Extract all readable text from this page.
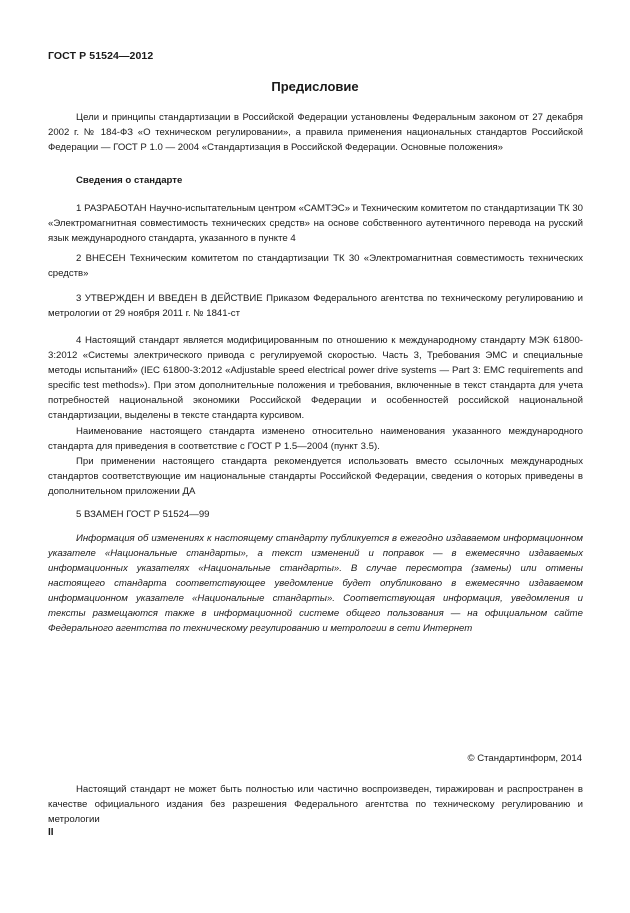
ГОСТ Р 51524—2012
Предисловие
Цели и принципы стандартизации в Российской Федерации установлены Федеральным законом от 27 декабря 2002 г. № 184-ФЗ «О техническом регулировании», а правила применения национальных стандартов Российской Федерации — ГОСТ Р 1.0 — 2004 «Стандартизация в Российской Федерации. Основные положения»
Сведения о стандарте
1 РАЗРАБОТАН Научно-испытательным центром «САМТЭС» и Техническим комитетом по стандартизации ТК 30 «Электромагнитная совместимость технических средств» на основе собственного аутентичного перевода на русский язык международного стандарта, указанного в пункте 4
2 ВНЕСЕН Техническим комитетом по стандартизации ТК 30 «Электромагнитная совместимость технических средств»
3 УТВЕРЖДЕН И ВВЕДЕН В ДЕЙСТВИЕ Приказом Федерального агентства по техническому регулированию и метрологии от 29 ноября 2011 г. № 1841-ст
4 Настоящий стандарт является модифицированным по отношению к международному стандарту МЭК 61800-3:2012 «Системы электрического привода с регулируемой скоростью. Часть 3, Требования ЭМС и специальные методы испытаний» (IEC 61800-3:2012 «Adjustable speed electrical power drive systems — Part 3: EMC requirements and specific test methods»). При этом дополнительные положения и требования, включенные в текст стандарта для учета потребностей национальной экономики Российской Федерации и особенностей российской национальной стандартизации, выделены в тексте стандарта курсивом.
Наименование настоящего стандарта изменено относительно наименования указанного международного стандарта для приведения в соответствие с ГОСТ Р 1.5—2004 (пункт 3.5).
При применении настоящего стандарта рекомендуется использовать вместо ссылочных международных стандартов соответствующие им национальные стандарты Российской Федерации, сведения о которых приведены в дополнительном приложении ДА
5 ВЗАМЕН ГОСТ Р 51524—99
Информация об изменениях к настоящему стандарту публикуется в ежегодно издаваемом информационном указателе «Национальные стандарты», а текст изменений и поправок — в ежемесячно издаваемых информационных указателях «Национальные стандарты». В случае пересмотра (замены) или отмены настоящего стандарта соответствующее уведомление будет опубликовано в ежемесячно издаваемом информационном указателе «Национальные стандарты». Соответствующая информация, уведомления и тексты размещаются также в информационной системе общего пользования — на официальном сайте Федерального агентства по техническому регулированию и метрологии в сети Интернет
© Стандартинформ, 2014
Настоящий стандарт не может быть полностью или частично воспроизведен, тиражирован и распространен в качестве официального издания без разрешения Федерального агентства по техническому регулированию и метрологии
II
